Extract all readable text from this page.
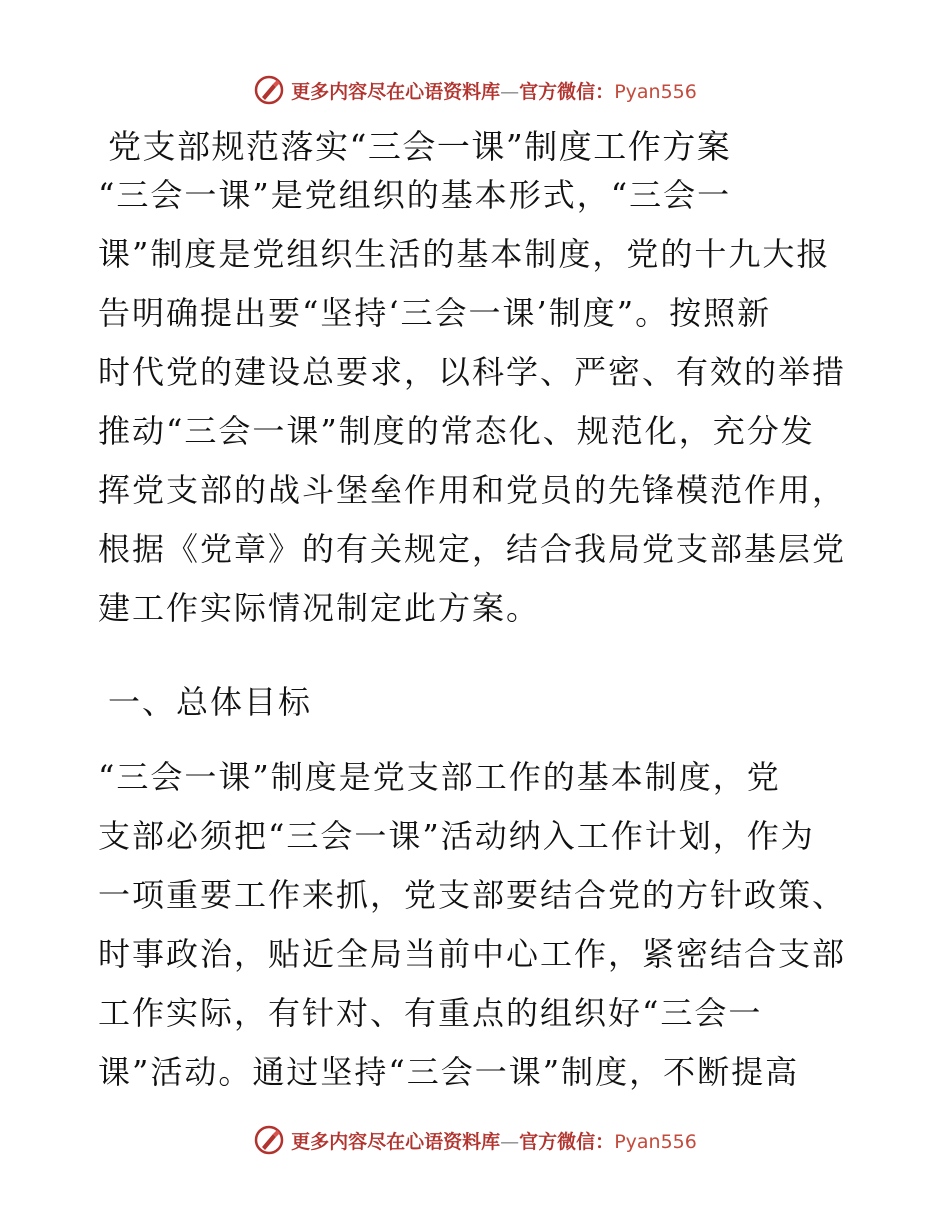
更多内容尽在心语资料库—官方微信：Pyan556
党支部规范落实“三会一课”制度工作方案
“三会一课”是党组织的基本形式，“三会一
课”制度是党组织生活的基本制度，党的十九大报
告明确提出要“坚持‘三会一课’制度”。按照新
时代党的建设总要求，以科学、严密、有效的举措
推动“三会一课”制度的常态化、规范化，充分发
挥党支部的战斗堡垒作用和党员的先锋模范作用，
根据《党章》的有关规定，结合我局党支部基层党
建工作实际情况制定此方案。
一、总体目标
“三会一课”制度是党支部工作的基本制度，党
支部必须把“三会一课”活动纳入工作计划，作为
一项重要工作来抓，党支部要结合党的方针政策、
时事政治，贴近全局当前中心工作，紧密结合支部
工作实际，有针对、有重点的组织好“三会一
课”活动。通过坚持“三会一课”制度，不断提高
更多内容尽在心语资料库—官方微信：Pyan556
